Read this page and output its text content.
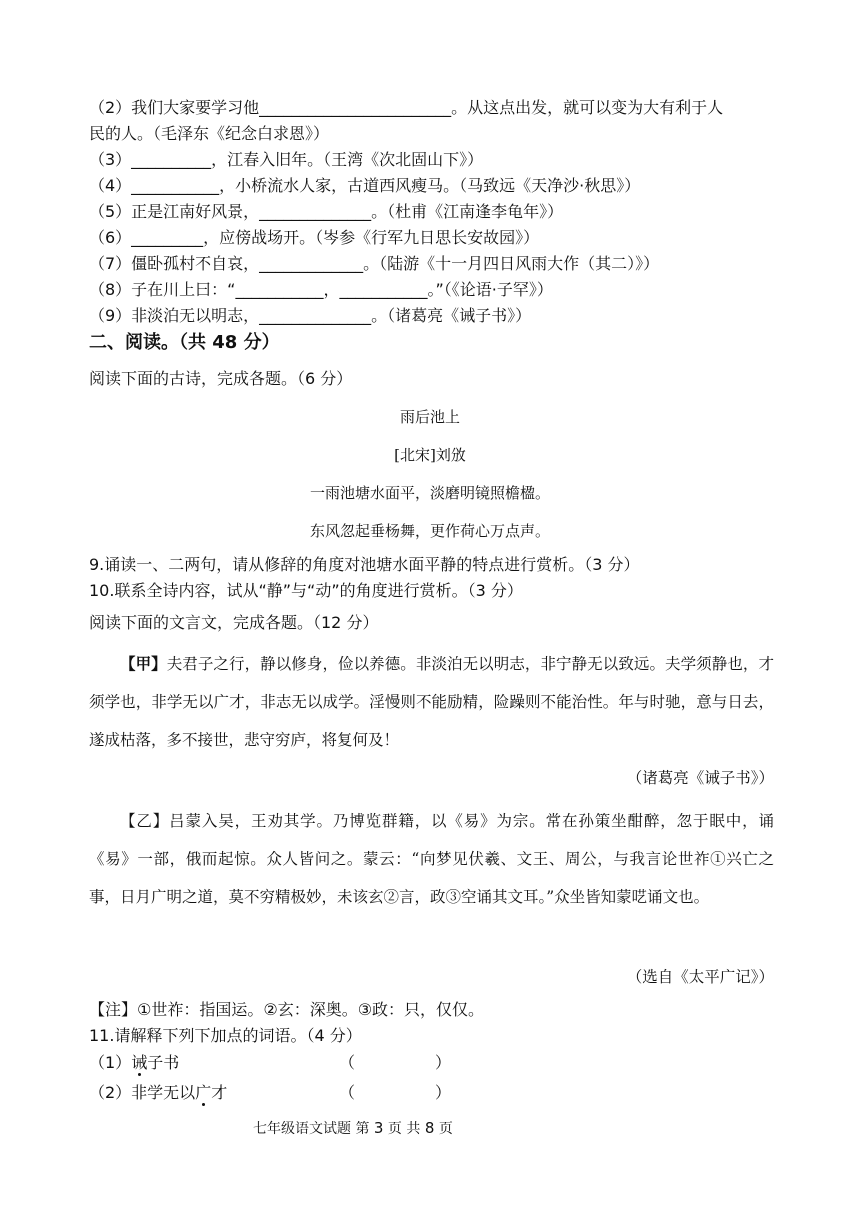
（2）我们大家要学习他________________________。从这点出发，就可以变为大有利于人
民的人。（毛泽东《纪念白求恩》）
（3）__________，江春入旧年。（王湾《次北固山下》）
（4）___________，小桥流水人家，古道西风瘦马。（马致远《天净沙·秋思》）
（5）正是江南好风景，______________。（杜甫《江南逢李龟年》）
（6）_________，应傍战场开。（岑参《行军九日思长安故园》）
（7）僵卧孤村不自哀，_____________。（陆游《十一月四日风雨大作（其二）》）
（8）子在川上曰：“___________，___________。”（《论语·子罕》）
（9）非淡泊无以明志，______________。（诸葛亮《诫子书》）
二、阅读。（共 48 分）
阅读下面的古诗，完成各题。（6 分）
雨后池上
[北宋]刘攽
一雨池塘水面平，淡磨明镜照檐楹。
东风忽起垂杨舞，更作荷心万点声。
9.诵读一、二两句，请从修辞的角度对池塘水面平静的特点进行赏析。（3 分）
10.联系全诗内容，试从“静”与“动”的角度进行赏析。（3 分）
阅读下面的文言文，完成各题。（12 分）
【甲】夫君子之行，静以修身，俭以养德。非淡泊无以明志，非宁静无以致远。夫学须静也，才须学也，非学无以广才，非志无以成学。淫慢则不能励精，险躁则不能治性。年与时驰，意与日去，遂成枯落，多不接世，悲守穷庐，将复何及！
（诸葛亮《诫子书》）
【乙】吕蒙入吴，王劝其学。乃博览群籍，以《易》为宗。常在孙策坐酣醉，忽于眠中，诵《易》一部，俄而起惊。众人皆问之。蒙云：“向梦见伏羲、文王、周公，与我言论世祚①兴亡之事，日月广明之道，莫不穷精极妙，未该玄②言，政③空诵其文耳。”众坐皆知蒙呓诵文也。
（选自《太平广记》）
【注】①世祚：指国运。②玄：深奥。③政：只，仅仅。
11.请解释下列下加点的词语。（4 分）
（1）诫子书	（　　　　　）
（2）非学无以广才	（　　　　　）
七年级语文试题 第 3 页 共 8 页
